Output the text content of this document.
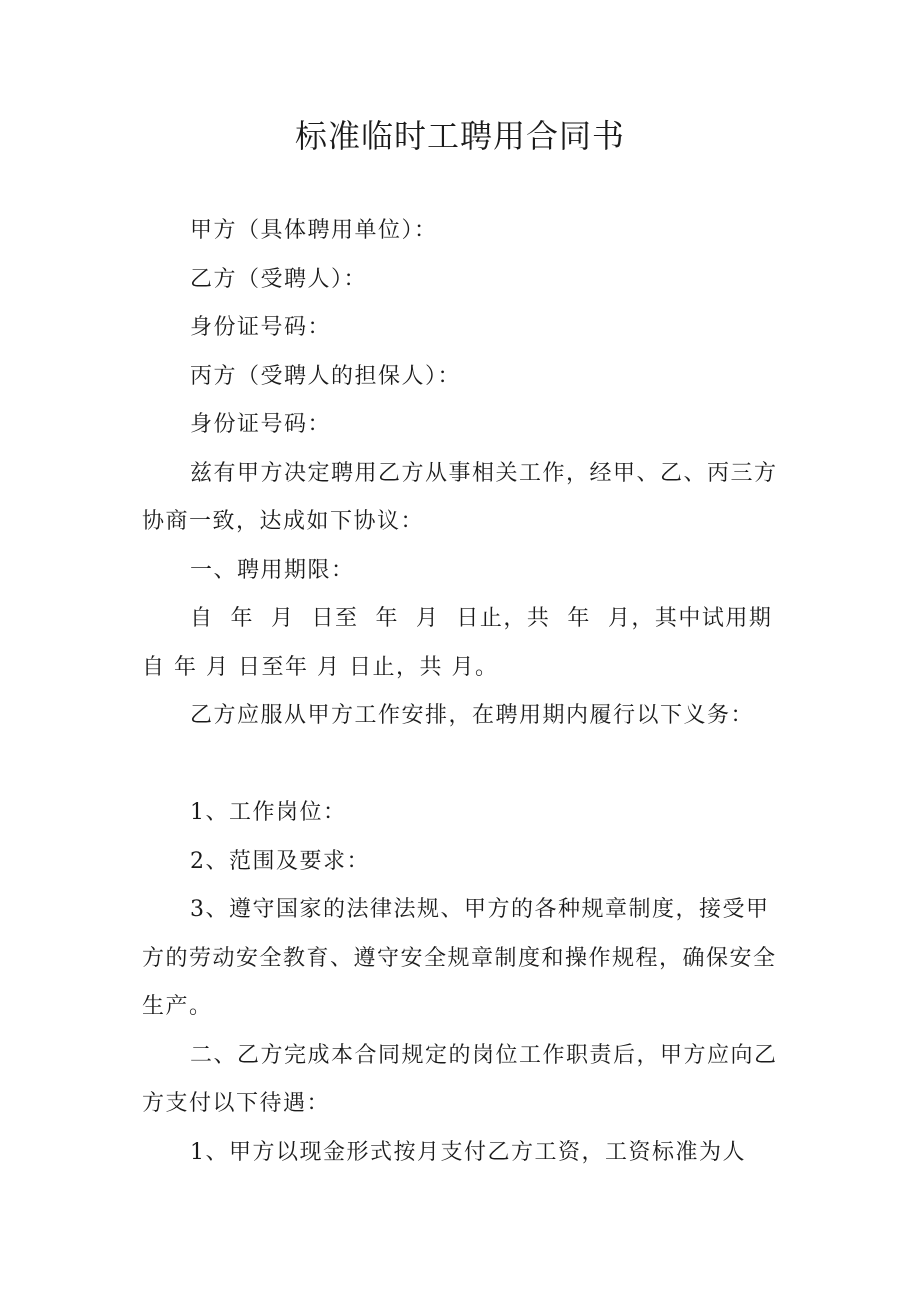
标准临时工聘用合同书

甲方（具体聘用单位）：

乙方（受聘人）：

身份证号码：

丙方（受聘人的担保人）：

身份证号码：

兹有甲方决定聘用乙方从事相关工作，经甲、乙、丙三方协商一致，达成如下协议：

一、聘用期限：

自  年  月  日至  年  月  日止，共  年  月，其中试用期自 年 月 日至年 月 日止，共 月。

乙方应服从甲方工作安排，在聘用期内履行以下义务：

1、工作岗位：

2、范围及要求：

3、遵守国家的法律法规、甲方的各种规章制度，接受甲方的劳动安全教育、遵守安全规章制度和操作规程，确保安全生产。

二、乙方完成本合同规定的岗位工作职责后，甲方应向乙方支付以下待遇：

1、甲方以现金形式按月支付乙方工资，工资标准为人
